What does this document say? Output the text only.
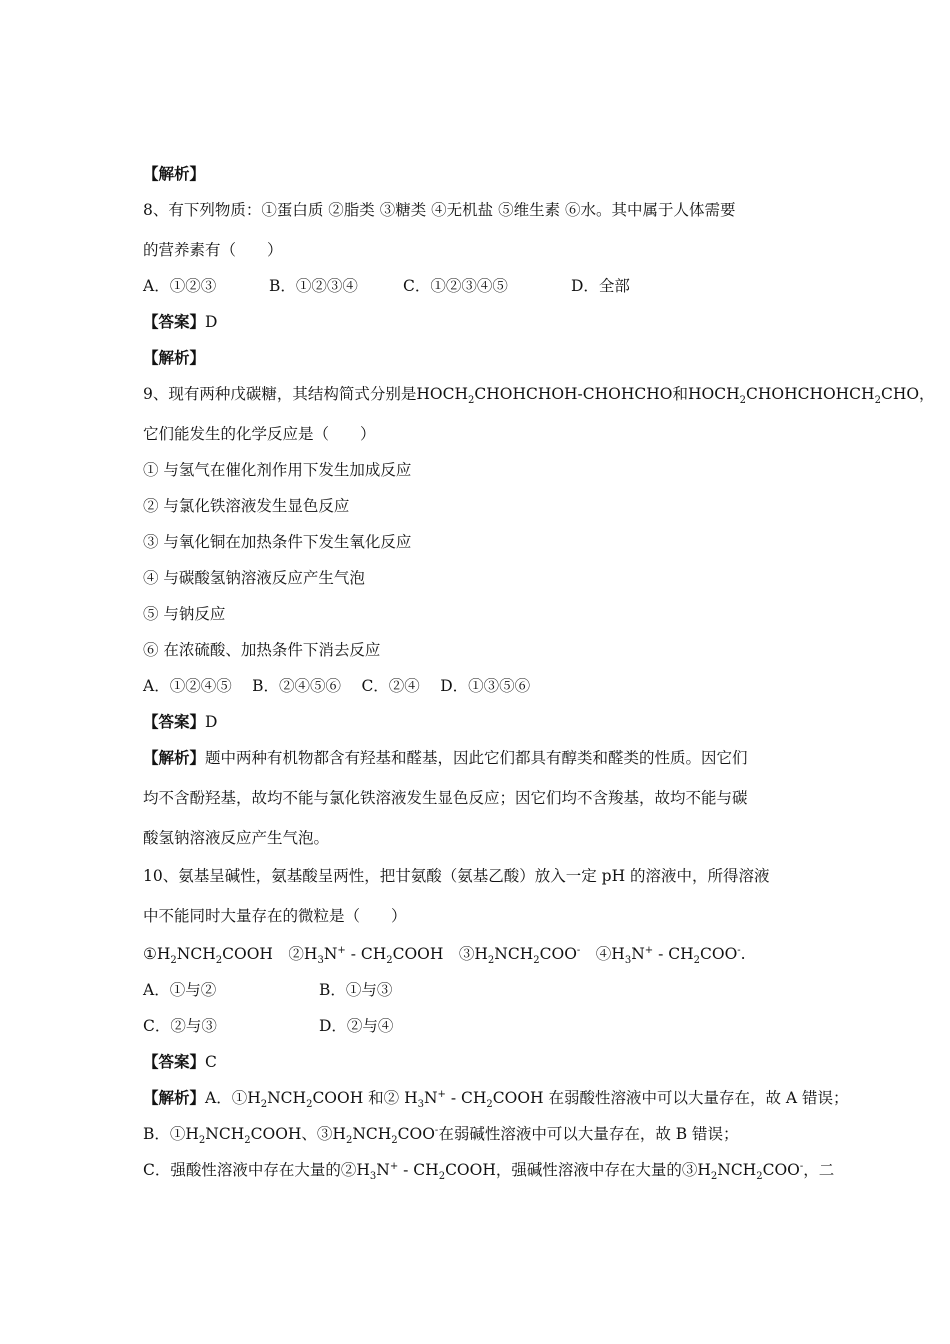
【解析】

8、有下列物质：①蛋白质 ②脂类 ③糖类 ④无机盐 ⑤维生素 ⑥水。其中属于人体需要

的营养素有（　　）

A．①②③	B．①②③④	C．①②③④⑤	D．全部

【答案】D

【解析】

9、现有两种戊碳糖，其结构简式分别是$HOCH_2CHOHCHOH$-CHOHCHO和$HOCH_2CHOHCHOHCH_2CHO$，

它们能发生的化学反应是（　　）

① 与氢气在催化剂作用下发生加成反应

② 与氯化铁溶液发生显色反应

③ 与氧化铜在加热条件下发生氧化反应

④ 与碳酸氢钠溶液反应产生气泡

⑤ 与钠反应

⑥ 在浓硫酸、加热条件下消去反应

A．①②④⑤　 B．②④⑤⑥　 C．②④　 D．①③⑤⑥

【答案】D

【解析】题中两种有机物都含有羟基和醛基，因此它们都具有醇类和醛类的性质。因它们

均不含酚羟基，故均不能与氯化铁溶液发生显色反应；因它们均不含羧基，故均不能与碳

酸氢钠溶液反应产生气泡。

10、氨基呈碱性，氨基酸呈两性，把甘氨酸（氨基乙酸）放入一定 pH 的溶液中，所得溶液

中不能同时大量存在的微粒是（　　）

$①H_2NCH_2COOH$　$②H_3N^+$ - $CH_2COOH$　$③H_2NCH_2COO^-$　$④H_3N^+ - CH_2COO^-$.

A．①与②	B．①与③

C．②与③	D．②与④

【答案】C

【解析】A．$①H_2NCH_2COOH$ 和② $H_3N^+$ - $CH_2COOH$ 在弱酸性溶液中可以大量存在，故 A 错误；

B．$①H_2NCH_2COOH$、$③H_2NCH_2COO^-$在弱碱性溶液中可以大量存在，故 B 错误；

C．强酸性溶液中存在大量的$②H_3N^+$ - $CH_2COOH$，强碱性溶液中存在大量的$③H_2NCH_2COO^-$，二
